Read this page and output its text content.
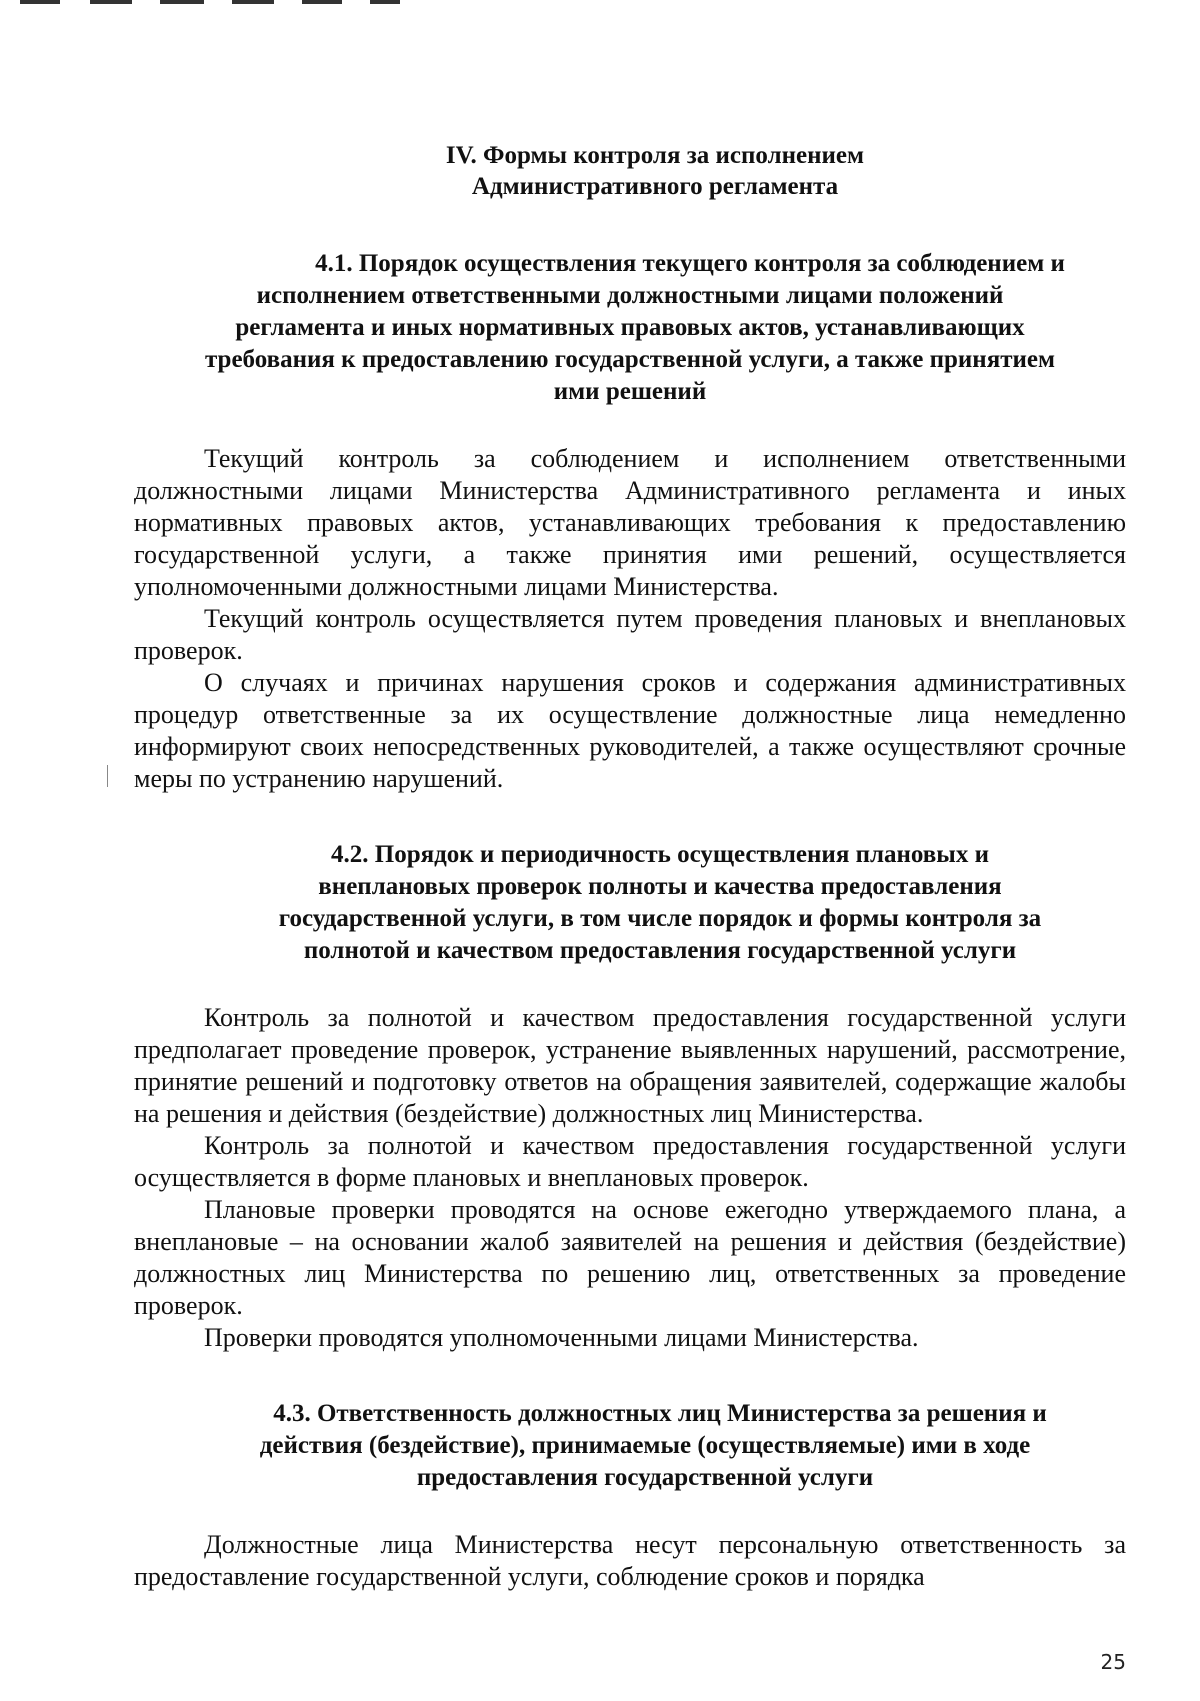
IV. Формы контроля за исполнением

Административного регламента

4.1. Порядок осуществления текущего контроля за соблюдением и
исполнением ответственными должностными лицами положений
регламента и иных нормативных правовых актов, устанавливающих
требования к предоставлению государственной услуги, а также принятием
ими решений

Текущий контроль за соблюдением и исполнением ответственными должностными лицами Министерства Административного регламента и иных нормативных правовых актов, устанавливающих требования к предоставлению государственной услуги, а также принятия ими решений, осуществляется уполномоченными должностными лицами Министерства.

Текущий контроль осуществляется путем проведения плановых и внеплановых проверок.

О случаях и причинах нарушения сроков и содержания административных процедур ответственные за их осуществление должностные лица немедленно информируют своих непосредственных руководителей, а также осуществляют срочные меры по устранению нарушений.

4.2. Порядок и периодичность осуществления плановых и
внеплановых проверок полноты и качества предоставления
государственной услуги, в том числе порядок и формы контроля за
полнотой и качеством предоставления государственной услуги

Контроль за полнотой и качеством предоставления государственной услуги предполагает проведение проверок, устранение выявленных нарушений, рассмотрение, принятие решений и подготовку ответов на обращения заявителей, содержащие жалобы на решения и действия (бездействие) должностных лиц Министерства.

Контроль за полнотой и качеством предоставления государственной услуги осуществляется в форме плановых и внеплановых проверок.

Плановые проверки проводятся на основе ежегодно утверждаемого плана, а внеплановые – на основании жалоб заявителей на решения и действия (бездействие) должностных лиц Министерства по решению лиц, ответственных за проведение проверок.

Проверки проводятся уполномоченными лицами Министерства.

4.3. Ответственность должностных лиц Министерства за решения и
действия (бездействие), принимаемые (осуществляемые) ими в ходе
предоставления государственной услуги

Должностные лица Министерства несут персональную ответственность за предоставление государственной услуги, соблюдение сроков и порядка

25
